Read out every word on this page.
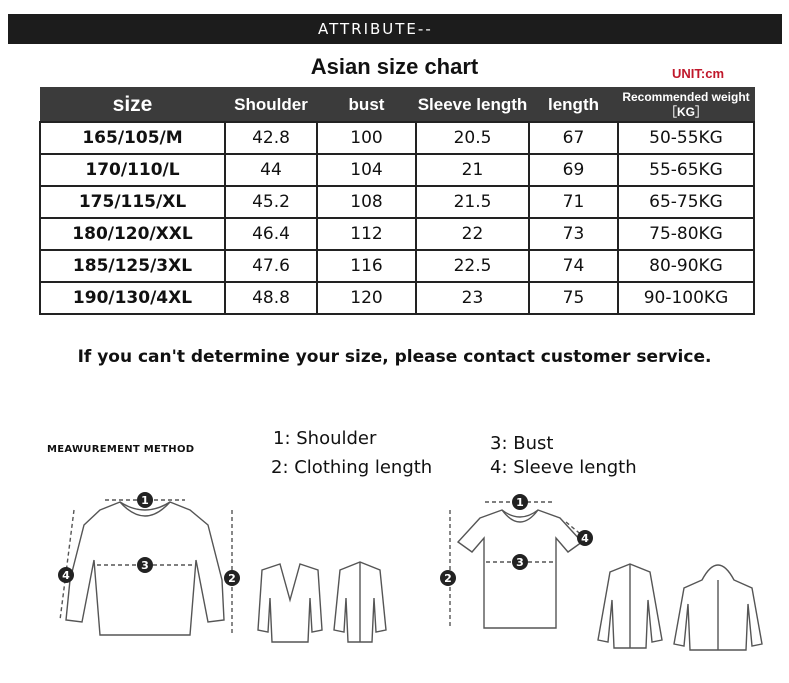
ATTRIBUTE--
Asian size chart	UNIT:cm
size	Shoulder	bust	Sleeve length	length	Recommended weight［KG］
165/105/M	42.8	100	20.5	67	50-55KG
170/110/L	44	104	21	69	55-65KG
175/115/XL	45.2	108	21.5	71	65-75KG
180/120/XXL	46.4	112	22	73	75-80KG
185/125/3XL	47.6	116	22.5	74	80-90KG
190/130/4XL	48.8	120	23	75	90-100KG
If you can't determine your size, please contact customer service.
MEAWUREMENT METHOD
1: Shoulder
2: Clothing length
3: Bust
4: Sleeve length
1
3
4	2
1
3
4
2
